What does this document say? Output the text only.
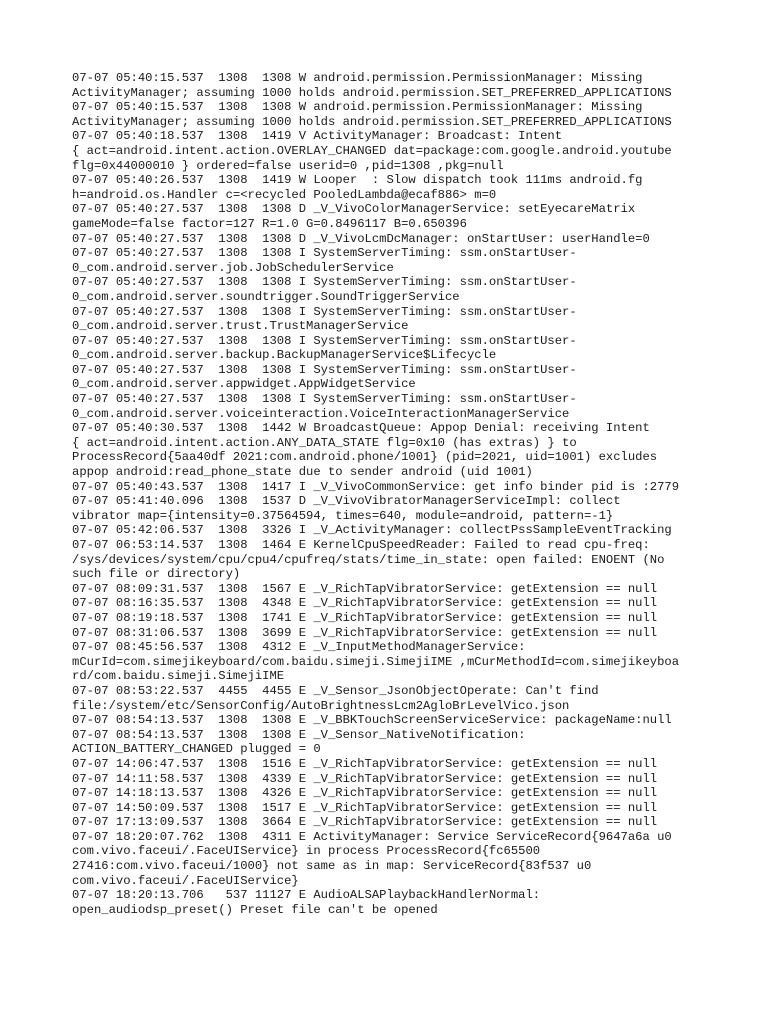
07-07 05:40:15.537  1308  1308 W android.permission.PermissionManager: Missing
ActivityManager; assuming 1000 holds android.permission.SET_PREFERRED_APPLICATIONS
07-07 05:40:15.537  1308  1308 W android.permission.PermissionManager: Missing
ActivityManager; assuming 1000 holds android.permission.SET_PREFERRED_APPLICATIONS
07-07 05:40:18.537  1308  1419 V ActivityManager: Broadcast: Intent
{ act=android.intent.action.OVERLAY_CHANGED dat=package:com.google.android.youtube
flg=0x44000010 } ordered=false userid=0 ,pid=1308 ,pkg=null
07-07 05:40:26.537  1308  1419 W Looper  : Slow dispatch took 111ms android.fg
h=android.os.Handler c=<recycled PooledLambda@ecaf886> m=0
07-07 05:40:27.537  1308  1308 D _V_VivoColorManagerService: setEyecareMatrix
gameMode=false factor=127 R=1.0 G=0.8496117 B=0.650396
07-07 05:40:27.537  1308  1308 D _V_VivoLcmDcManager: onStartUser: userHandle=0
07-07 05:40:27.537  1308  1308 I SystemServerTiming: ssm.onStartUser-
0_com.android.server.job.JobSchedulerService
07-07 05:40:27.537  1308  1308 I SystemServerTiming: ssm.onStartUser-
0_com.android.server.soundtrigger.SoundTriggerService
07-07 05:40:27.537  1308  1308 I SystemServerTiming: ssm.onStartUser-
0_com.android.server.trust.TrustManagerService
07-07 05:40:27.537  1308  1308 I SystemServerTiming: ssm.onStartUser-
0_com.android.server.backup.BackupManagerService$Lifecycle
07-07 05:40:27.537  1308  1308 I SystemServerTiming: ssm.onStartUser-
0_com.android.server.appwidget.AppWidgetService
07-07 05:40:27.537  1308  1308 I SystemServerTiming: ssm.onStartUser-
0_com.android.server.voiceinteraction.VoiceInteractionManagerService
07-07 05:40:30.537  1308  1442 W BroadcastQueue: Appop Denial: receiving Intent
{ act=android.intent.action.ANY_DATA_STATE flg=0x10 (has extras) } to
ProcessRecord{5aa40df 2021:com.android.phone/1001} (pid=2021, uid=1001) excludes
appop android:read_phone_state due to sender android (uid 1001)
07-07 05:40:43.537  1308  1417 I _V_VivoCommonService: get info binder pid is :2779
07-07 05:41:40.096  1308  1537 D _V_VivoVibratorManagerServiceImpl: collect
vibrator map={intensity=0.37564594, times=640, module=android, pattern=-1}
07-07 05:42:06.537  1308  3326 I _V_ActivityManager: collectPssSampleEventTracking
07-07 06:53:14.537  1308  1464 E KernelCpuSpeedReader: Failed to read cpu-freq:
/sys/devices/system/cpu/cpu4/cpufreq/stats/time_in_state: open failed: ENOENT (No
such file or directory)
07-07 08:09:31.537  1308  1567 E _V_RichTapVibratorService: getExtension == null
07-07 08:16:35.537  1308  4348 E _V_RichTapVibratorService: getExtension == null
07-07 08:19:18.537  1308  1741 E _V_RichTapVibratorService: getExtension == null
07-07 08:31:06.537  1308  3699 E _V_RichTapVibratorService: getExtension == null
07-07 08:45:56.537  1308  4312 E _V_InputMethodManagerService:
mCurId=com.simejikeyboard/com.baidu.simeji.SimejiIME ,mCurMethodId=com.simejikeyboa
rd/com.baidu.simeji.SimejiIME
07-07 08:53:22.537  4455  4455 E _V_Sensor_JsonObjectOperate: Can't find
file:/system/etc/SensorConfig/AutoBrightnessLcm2AgloBrLevelVico.json
07-07 08:54:13.537  1308  1308 E _V_BBKTouchScreenServiceService: packageName:null
07-07 08:54:13.537  1308  1308 E _V_Sensor_NativeNotification:
ACTION_BATTERY_CHANGED plugged = 0
07-07 14:06:47.537  1308  1516 E _V_RichTapVibratorService: getExtension == null
07-07 14:11:58.537  1308  4339 E _V_RichTapVibratorService: getExtension == null
07-07 14:18:13.537  1308  4326 E _V_RichTapVibratorService: getExtension == null
07-07 14:50:09.537  1308  1517 E _V_RichTapVibratorService: getExtension == null
07-07 17:13:09.537  1308  3664 E _V_RichTapVibratorService: getExtension == null
07-07 18:20:07.762  1308  4311 E ActivityManager: Service ServiceRecord{9647a6a u0
com.vivo.faceui/.FaceUIService} in process ProcessRecord{fc65500
27416:com.vivo.faceui/1000} not same as in map: ServiceRecord{83f537 u0
com.vivo.faceui/.FaceUIService}
07-07 18:20:13.706   537 11127 E AudioALSAPlaybackHandlerNormal:
open_audiodsp_preset() Preset file can't be opened
